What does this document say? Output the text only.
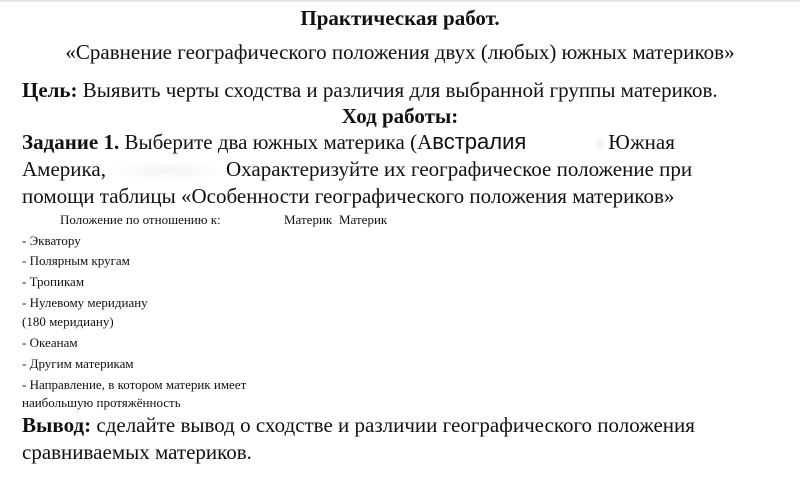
Практическая работ.
«Сравнение географического положения двух (любых) южных материков»
Цель: Выявить черты сходства и различия для выбранной группы материков.
Ход работы:
Задание 1. Выберите два южных материка (Австралия	Южная
Америка,	Охарактеризуйте их географическое положение при
помощи таблицы «Особенности географического положения материков»
Положение по отношению к:	Материк Материк
- Экватору
- Полярным кругам
- Тропикам
- Нулевому меридиану
(180 меридиану)
- Океанам
- Другим материкам
- Направление, в котором материк имеет
наибольшую протяжённость
Вывод: сделайте вывод о сходстве и различии географического положения
сравниваемых материков.
